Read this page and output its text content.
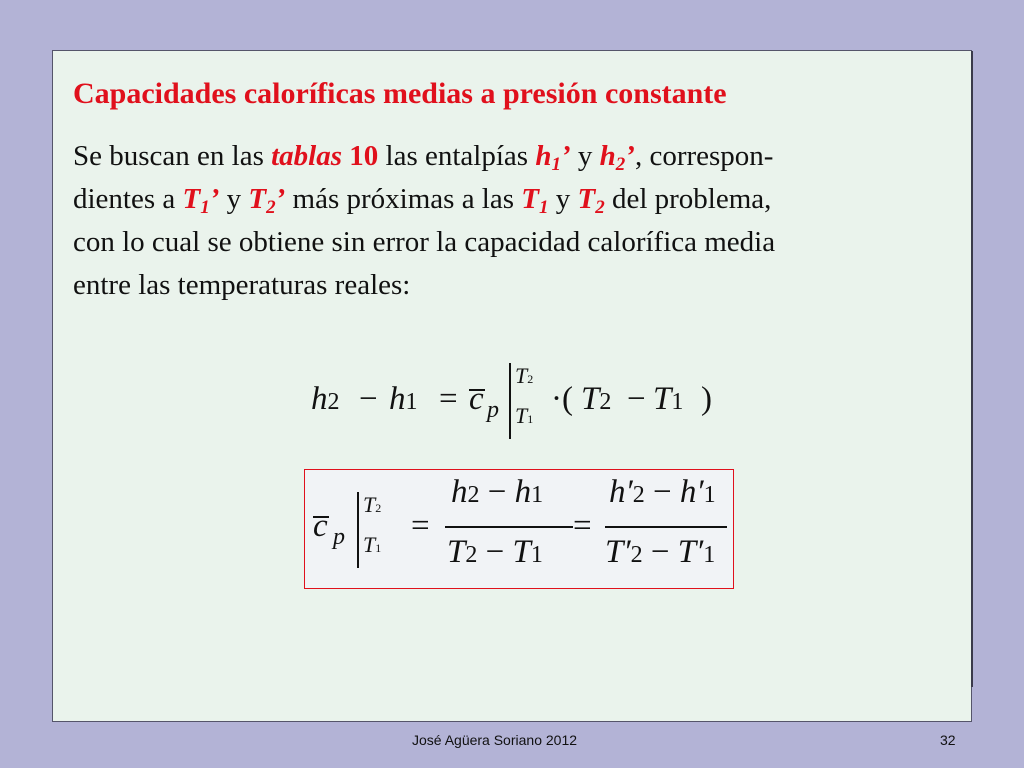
Capacidades caloríficas medias a presión constante
Se buscan en las tablas 10 las entalpías $h_1$’ y $h_2$’, correspon-
dientes a $T_1$’ y $T_2$’ más próximas a las $T_1$ y $T_2$ del problema,
con lo cual se obtiene sin error la capacidad calorífica media
entre las temperaturas reales:
h2 − h1 = c p
T2
T1
·( T2 − T1 )
c p
T2
T1
=
h2 − h1
T2 − T1
=
h′2 − h′1
T′2 − T′1
José Agüera Soriano 2012	32
